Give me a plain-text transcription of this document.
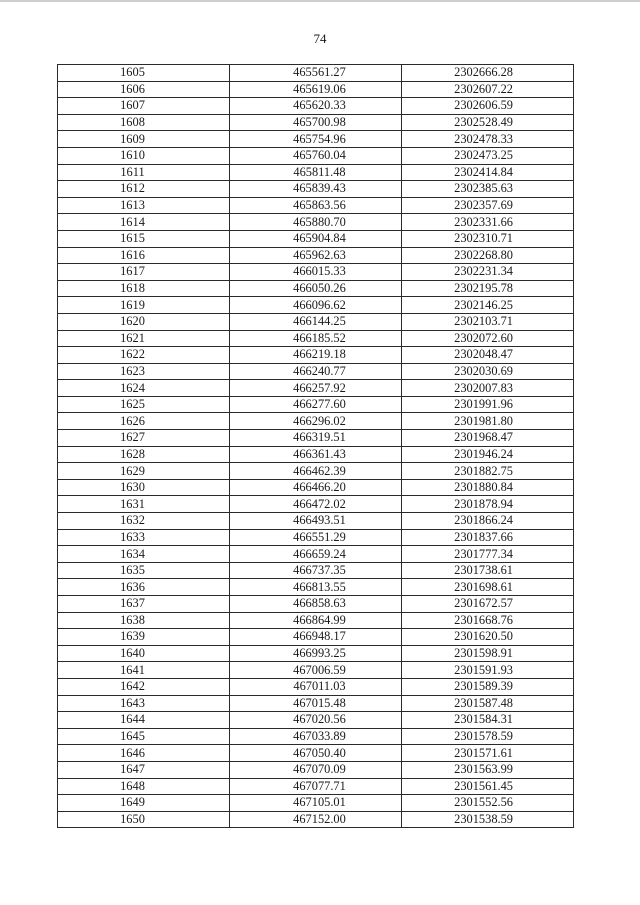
74
1605	465561.27	2302666.28
1606	465619.06	2302607.22
1607	465620.33	2302606.59
1608	465700.98	2302528.49
1609	465754.96	2302478.33
1610	465760.04	2302473.25
1611	465811.48	2302414.84
1612	465839.43	2302385.63
1613	465863.56	2302357.69
1614	465880.70	2302331.66
1615	465904.84	2302310.71
1616	465962.63	2302268.80
1617	466015.33	2302231.34
1618	466050.26	2302195.78
1619	466096.62	2302146.25
1620	466144.25	2302103.71
1621	466185.52	2302072.60
1622	466219.18	2302048.47
1623	466240.77	2302030.69
1624	466257.92	2302007.83
1625	466277.60	2301991.96
1626	466296.02	2301981.80
1627	466319.51	2301968.47
1628	466361.43	2301946.24
1629	466462.39	2301882.75
1630	466466.20	2301880.84
1631	466472.02	2301878.94
1632	466493.51	2301866.24
1633	466551.29	2301837.66
1634	466659.24	2301777.34
1635	466737.35	2301738.61
1636	466813.55	2301698.61
1637	466858.63	2301672.57
1638	466864.99	2301668.76
1639	466948.17	2301620.50
1640	466993.25	2301598.91
1641	467006.59	2301591.93
1642	467011.03	2301589.39
1643	467015.48	2301587.48
1644	467020.56	2301584.31
1645	467033.89	2301578.59
1646	467050.40	2301571.61
1647	467070.09	2301563.99
1648	467077.71	2301561.45
1649	467105.01	2301552.56
1650	467152.00	2301538.59
